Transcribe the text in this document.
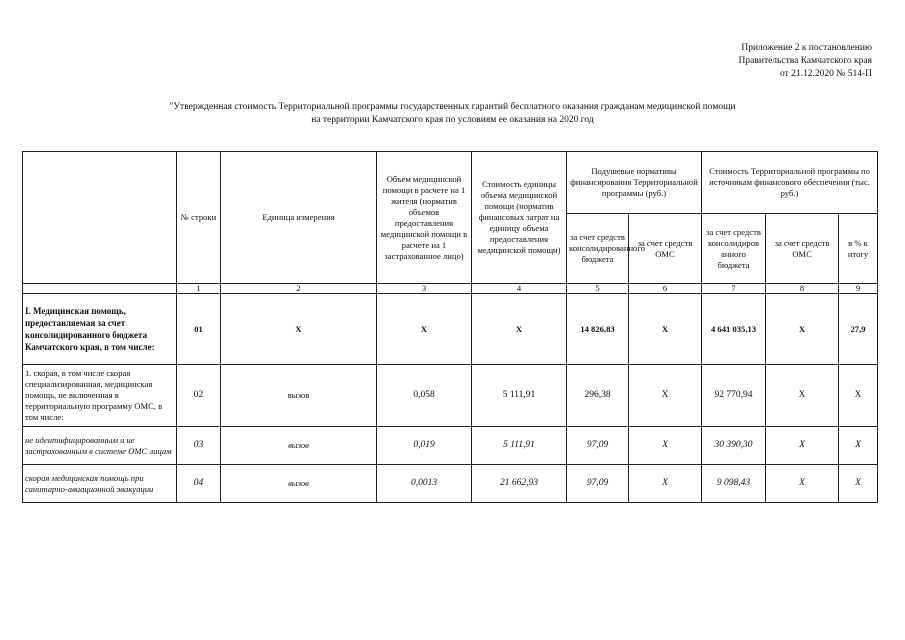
Приложение 2 к постановлению
Правительства Камчатского края
от 21.12.2020 № 514-П
"Утвержденная стоимость Территориальной программы государственных гарантий бесплатного оказания гражданам медицинской помощи
на территории Камчатского края по условиям ее оказания на 2020 год
	№ строки	Единица измерения	Объем медицинской помощи в расчете на 1 жителя (норматив объемов предоставления медицинской помощи в расчете на 1 застрахованное лицо)	Стоимость единицы объема медицинской помощи (норматив финансовых затрат на единицу объема предоставления медицинской помощи)	Подушевые нормативы финансирования Территориальной программы (руб.)		Стоимость Территориальной программы по источникам финансового обеспечения (тыс. руб.)		
					за счет средств консолидированного бюджета	за счет средств ОМС	за счет средств консолидиров анного бюджета	за счет средств ОМС	в % к итогу
	1	2	3	4	5	6	7	8	9
I. Медицинская помощь, предоставляемая за счет консолидированного бюджета Камчатского края, в том числе:	01	X	X	X	14 826,83	X	4 641 035,13	X	27,9
1. скорая, в том числе скорая специализированная, медицинская помощь, не включенная в территориальную программу ОМС, в том числе:	02	вызов	0,058	5 111,91	296,38	X	92 770,94	X	X
не идентифицированным и не застрахованным в системе ОМС лицам	03	вызов	0,019	5 111,91	97,09	X	30 390,30	X	X
скорая медицинская помощь при санитарно-авиационной эвакуации	04	вызов	0,0013	21 662,93	97,09	X	9 098,43	X	X
